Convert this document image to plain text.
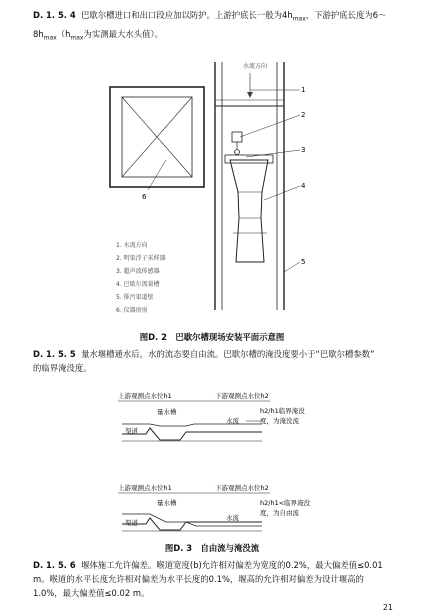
D. 1. 5. 4 巴歇尔槽进口和出口段应加以防护。上游护底长一般为$4h_{max}$，下游护底长度为6～
$8h_{max}(h_{max}$为实测最大水头值）。
水流方向
1
2
3
4
5
6
1. 水流方向
2. 明渠浮子采样器
3. 超声波传感器
4. 巴歇尔流量槽
5. 排污渠道壁
6. 仪器房房
图D. 2　巴歇尔槽现场安装平面示意图
D. 1. 5. 5 量水堰槽通水后，水的流态要自由流。巴歇尔槽的淹没度要小于“巴歇尔槽参数”
的临界淹没度。
上游观测点水位h1	下游观测点水位h2
量水槽
渠道
水流
h2/h1临界淹没
度，为淹没流
上游观测点水位h1	下游观测点水位h2
量水槽
渠道
水流
h2/h1<临界淹没
度，为自由流
图D. 3　自由流与淹没流
D. 1. 5. 6 堰体施工允许偏差。喉道宽度(b)允许相对偏差为宽度的0.2%，最大偏差值≤0.01
m。喉道的水平长度允许相对偏差为水平长度的0.1%，堰高的允许相对偏差为设计堰高的
1.0%，最大偏差值≤0.02 m。
21
